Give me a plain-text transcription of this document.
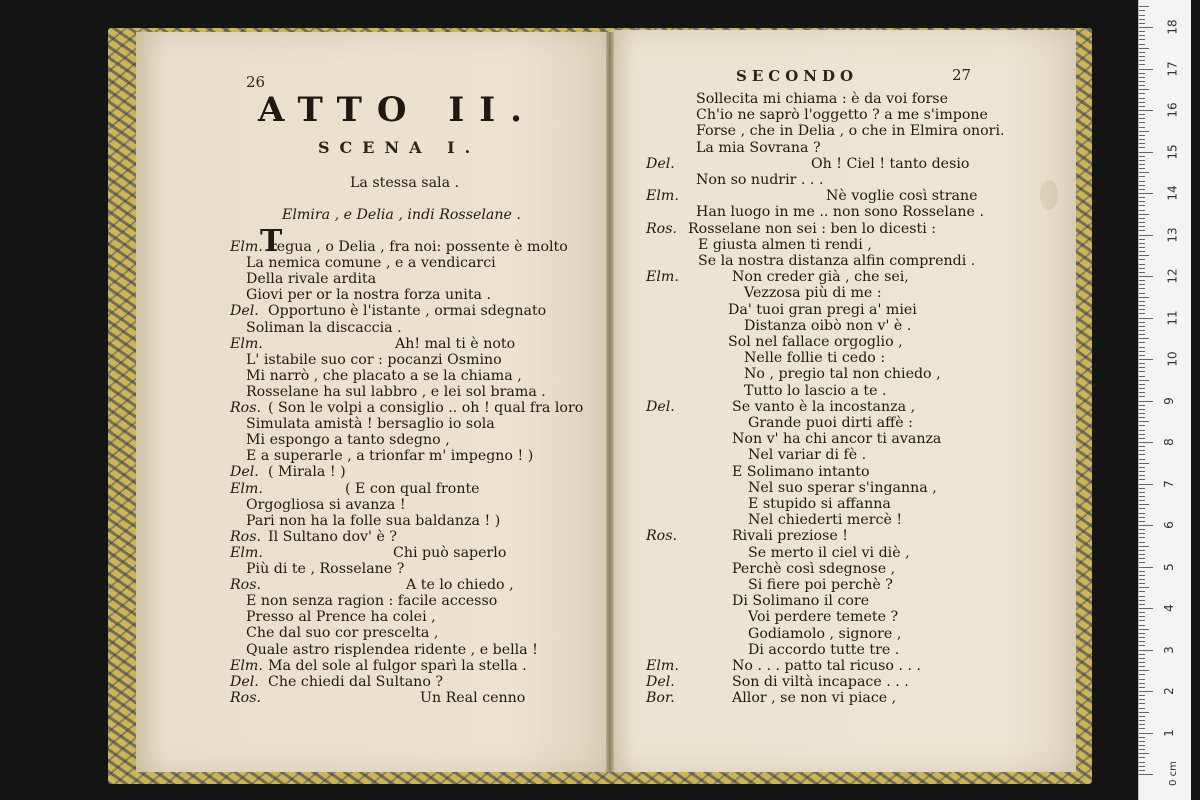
26
ATTO II.
SCENA I.
La stessa sala .
Elmira , e Delia , indi Rosselane .
T
Elm. regua , o Delia , fra noi: possente è molto
La nemica comune , e a vendicarci
Della rivale ardita
Giovi per or la nostra forza unita .
Del. Opportuno è l'istante , ormai sdegnato
Soliman la discaccia .
Elm.	Ah! mal ti è noto
L' istabile suo cor : pocanzi Osmino
Mi narrò , che placato a se la chiama ,
Rosselane ha sul labbro , e lei sol brama .
Ros. ( Son le volpi a consiglio .. oh ! qual fra loro
Simulata amistà ! bersaglio io sola
Mi espongo a tanto sdegno ,
E a superarle , a trionfar m' impegno ! )
Del. ( Mirala ! )
Elm.	( E con qual fronte
Orgogliosa si avanza !
Pari non ha la folle sua baldanza ! )
Ros. Il Sultano dov' è ?
Elm.	Chi può saperlo
Più di te , Rosselane ?
Ros.	A te lo chiedo ,
E non senza ragion : facile accesso
Presso al Prence ha colei ,
Che dal suo cor prescelta ,
Quale astro risplendea ridente , e bella !
Elm. Ma del sole al fulgor sparì la stella .
Del. Che chiedi dal Sultano ?
Ros.	Un Real cenno
SECONDO	27
Sollecita mi chiama : è da voi forse
Ch'io ne saprò l'oggetto ? a me s'impone
Forse , che in Delia , o che in Elmira onori.
La mia Sovrana ?
Del.	Oh ! Ciel ! tanto desio
Non so nudrir . . .
Elm.	Nè voglie così strane
Han luogo in me .. non sono Rosselane .
Ros. Rosselane non sei : ben lo dicesti :
E giusta almen ti rendi ,
Se la nostra distanza alfin comprendi .
Elm.	Non creder già , che sei,
Vezzosa più di me :
Da' tuoi gran pregi a' miei
Distanza oibò non v' è .
Sol nel fallace orgoglio ,
Nelle follie ti cedo :
No , pregio tal non chiedo ,
Tutto lo lascio a te .
Del.	Se vanto è la incostanza ,
Grande puoi dirti affè :
Non v' ha chi ancor ti avanza
Nel variar di fè .
E Solimano intanto
Nel suo sperar s'inganna ,
E stupido si affanna
Nel chiederti mercè !
Ros.	Rivali preziose !
Se merto il ciel vi diè ,
Perchè così sdegnose ,
Si fiere poi perchè ?
Di Solimano il core
Voi perdere temete ?
Godiamolo , signore ,
Di accordo tutte tre .
Elm.	No . . . patto tal ricuso . . .
Del.	Son di viltà incapace . . .
Bor.	Allor , se non vi piace ,
1
2
3
4
5
6
7
8
9
10
11
12
13
14
15
16
17
18
0 cm
